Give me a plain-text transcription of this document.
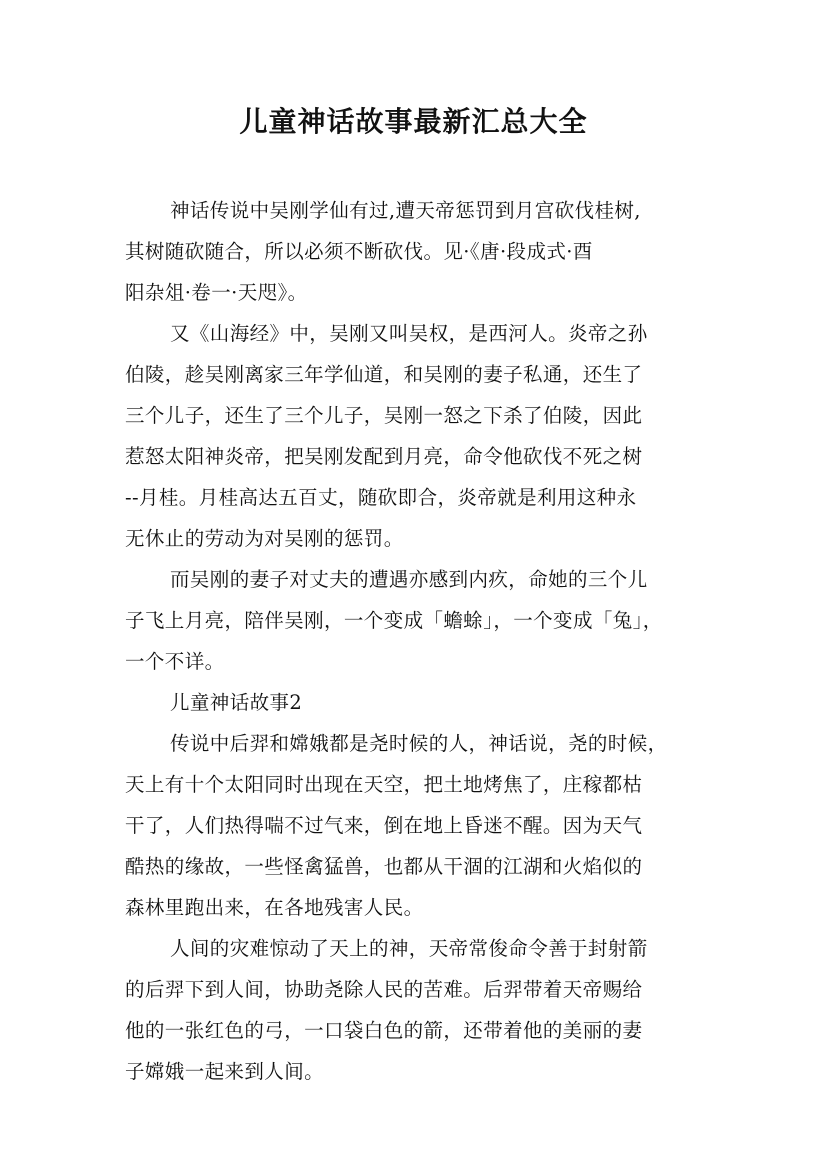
儿童神话故事最新汇总大全
神话传说中吴刚学仙有过,遭天帝惩罚到月宫砍伐桂树,
其树随砍随合，所以必须不断砍伐。见·《唐·段成式·酉
阳杂俎·卷一·天咫》。
又《山海经》中，吴刚又叫吴权，是西河人。炎帝之孙
伯陵，趁吴刚离家三年学仙道，和吴刚的妻子私通，还生了
三个儿子，还生了三个儿子，吴刚一怒之下杀了伯陵，因此
惹怒太阳神炎帝，把吴刚发配到月亮，命令他砍伐不死之树
--月桂。月桂高达五百丈，随砍即合，炎帝就是利用这种永
无休止的劳动为对吴刚的惩罚。
而吴刚的妻子对丈夫的遭遇亦感到内疚，命她的三个儿
子飞上月亮，陪伴吴刚，一个变成「蟾蜍」，一个变成「兔」，
一个不详。
儿童神话故事2
传说中后羿和嫦娥都是尧时候的人，神话说，尧的时候，
天上有十个太阳同时出现在天空，把土地烤焦了，庄稼都枯
干了，人们热得喘不过气来，倒在地上昏迷不醒。因为天气
酷热的缘故，一些怪禽猛兽，也都从干涸的江湖和火焰似的
森林里跑出来，在各地残害人民。
人间的灾难惊动了天上的神，天帝常俊命令善于封射箭
的后羿下到人间，协助尧除人民的苦难。后羿带着天帝赐给
他的一张红色的弓，一口袋白色的箭，还带着他的美丽的妻
子嫦娥一起来到人间。
